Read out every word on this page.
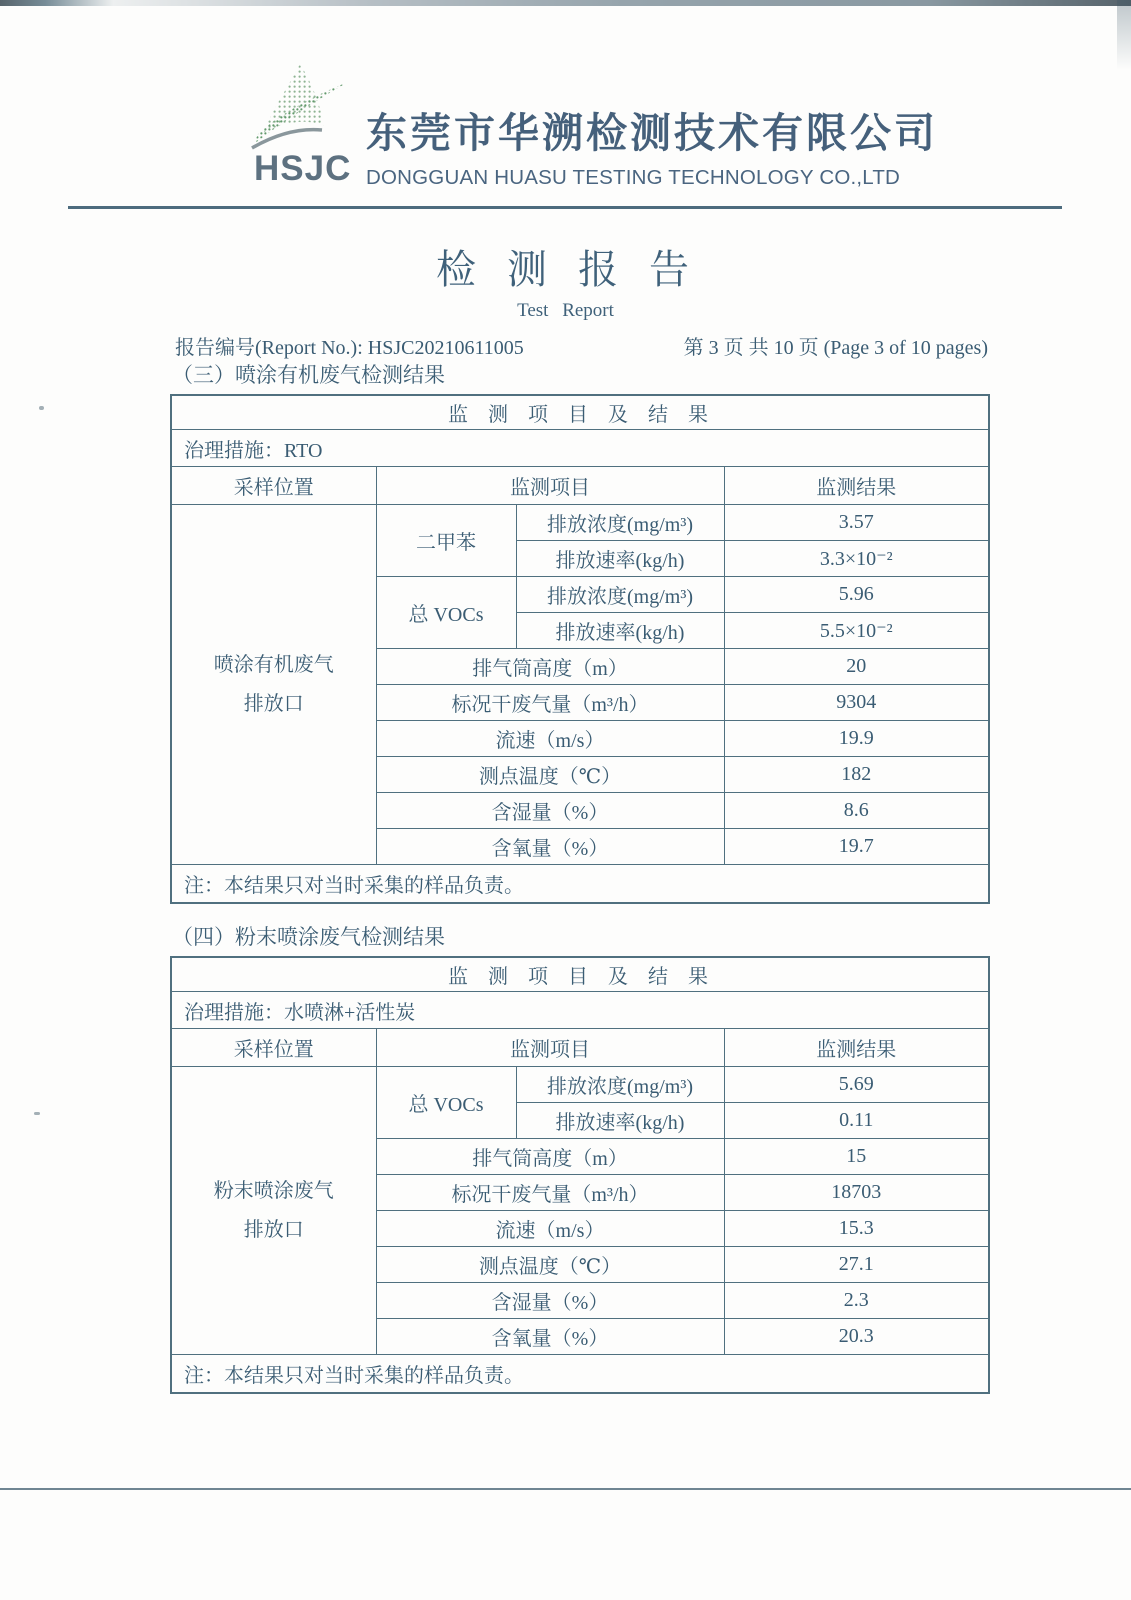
HSJC
东莞市华溯检测技术有限公司
DONGGUAN HUASU TESTING TECHNOLOGY CO.,LTD
检 测 报 告
Test Report
报告编号(Report No.): HSJC20210611005	第 3 页 共 10 页 (Page 3 of 10 pages)
（三）喷涂有机废气检测结果
监 测 项 目 及 结 果			
治理措施：RTO			
采样位置	监测项目		监测结果

喷涂有机废气
排放口	二甲苯	排放浓度(mg/m³)	3.57
		排放速率(kg/h)	3.3×10⁻²
	总 VOCs	排放浓度(mg/m³)	5.96
		排放速率(kg/h)	5.5×10⁻²
	排气筒高度（m）		20
	标况干废气量（m³/h）		9304
	流速（m/s）		19.9
	测点温度（℃）		182
	含湿量（%）		8.6
	含氧量（%）		19.7
注：本结果只对当时采集的样品负责。			
（四）粉末喷涂废气检测结果
监 测 项 目 及 结 果			
治理措施：水喷淋+活性炭			
采样位置	监测项目		监测结果

粉末喷涂废气
排放口	总 VOCs	排放浓度(mg/m³)	5.69
		排放速率(kg/h)	0.11
	排气筒高度（m）		15
	标况干废气量（m³/h）		18703
	流速（m/s）		15.3
	测点温度（℃）		27.1
	含湿量（%）		2.3
	含氧量（%）		20.3
注：本结果只对当时采集的样品负责。			
